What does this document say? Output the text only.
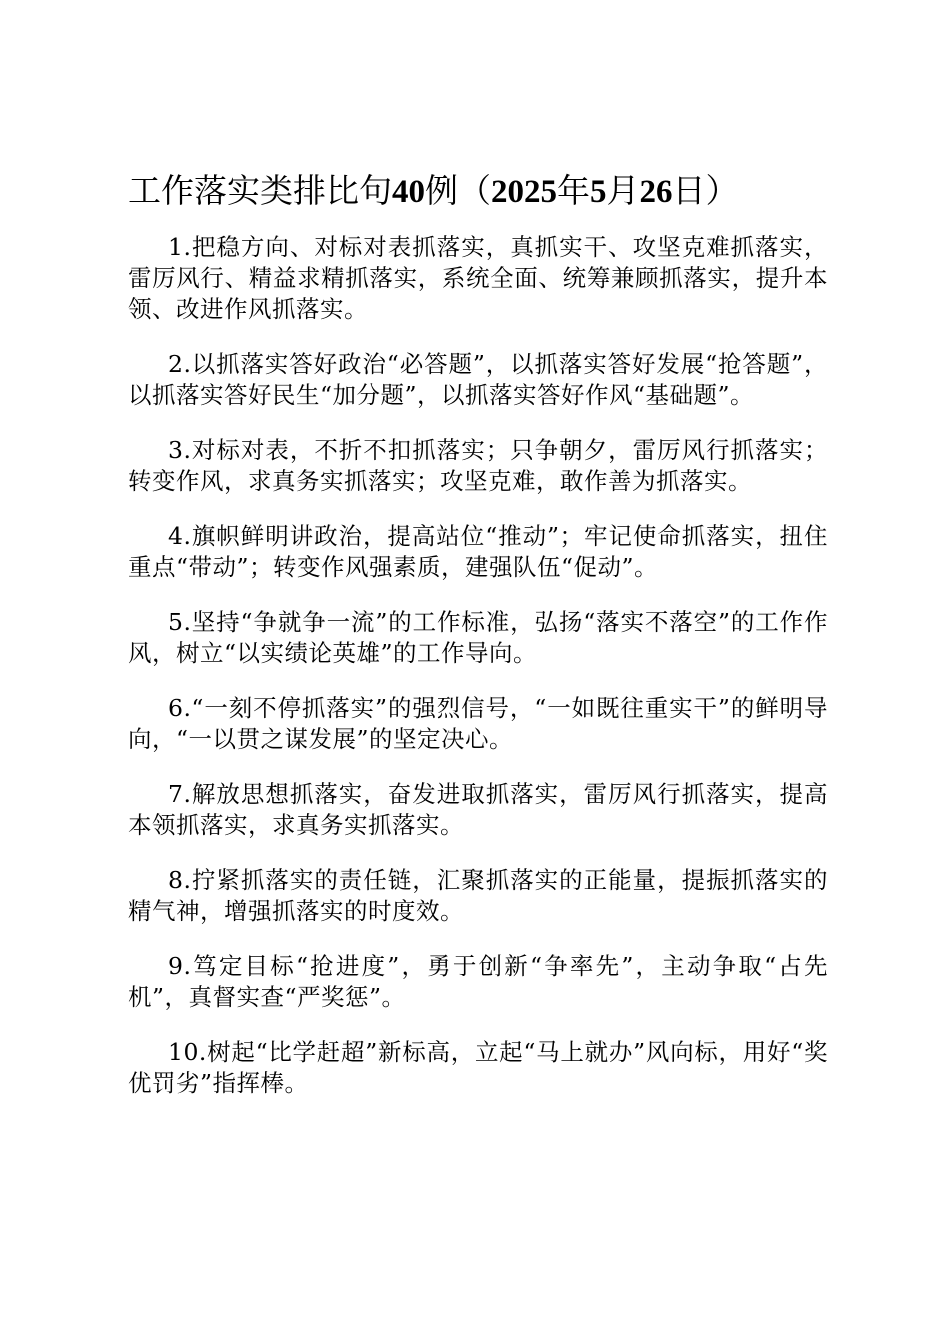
工作落实类排比句40例（2025年5月26日）

1.把稳方向、对标对表抓落实，真抓实干、攻坚克难抓落实，雷厉风行、精益求精抓落实，系统全面、统筹兼顾抓落实，提升本领、改进作风抓落实。

2.以抓落实答好政治“必答题”，以抓落实答好发展“抢答题”，以抓落实答好民生“加分题”，以抓落实答好作风“基础题”。

3.对标对表，不折不扣抓落实；只争朝夕，雷厉风行抓落实；转变作风，求真务实抓落实；攻坚克难，敢作善为抓落实。

4.旗帜鲜明讲政治，提高站位“推动”；牢记使命抓落实，扭住重点“带动”；转变作风强素质，建强队伍“促动”。

5.坚持“争就争一流”的工作标准，弘扬“落实不落空”的工作作风，树立“以实绩论英雄”的工作导向。

6.“一刻不停抓落实”的强烈信号，“一如既往重实干”的鲜明导向，“一以贯之谋发展”的坚定决心。

7.解放思想抓落实，奋发进取抓落实，雷厉风行抓落实，提高本领抓落实，求真务实抓落实。

8.拧紧抓落实的责任链，汇聚抓落实的正能量，提振抓落实的精气神，增强抓落实的时度效。

9.笃定目标“抢进度”，勇于创新“争率先”，主动争取“占先机”，真督实查“严奖惩”。

10.树起“比学赶超”新标高，立起“马上就办”风向标，用好“奖优罚劣”指挥棒。
